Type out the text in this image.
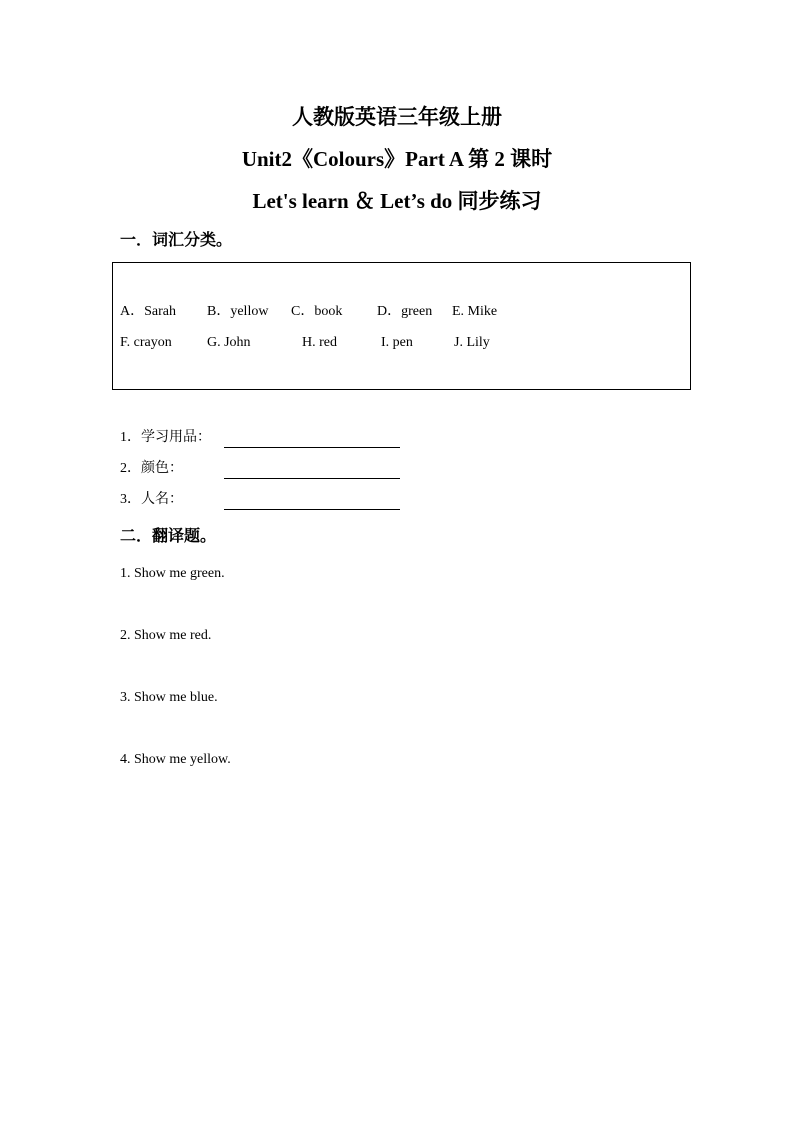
人教版英语三年级上册
Unit2《Colours》Part A 第 2 课时
Let's learn ＆ Let’s do 同步练习
一．词汇分类。
A．Sarah B．yellow C．book D．green E. Mike
F. crayon	G. John	H. red	I. pen	J. Lily
1．学习用品：
2．颜色：
3．人名：
二．翻译题。
1. Show me green.
2. Show me red.
3. Show me blue.
4. Show me yellow.
